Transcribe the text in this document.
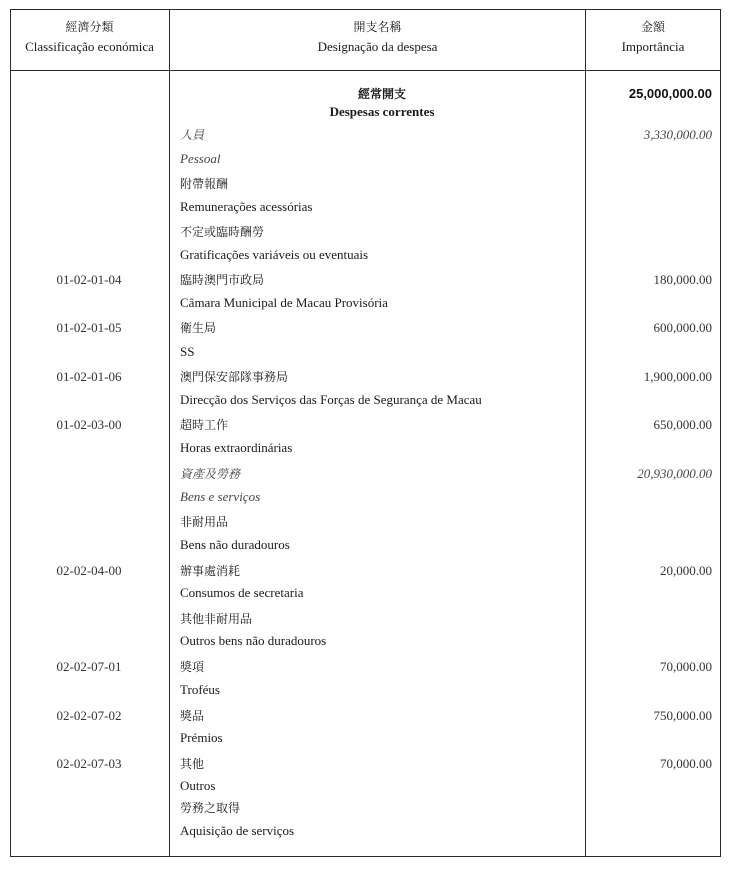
經濟分類
Classificação económica
開支名稱
Designação da despesa
金額
Importância
經常開支	25,000,000.00
Despesas correntes
人員	3,330,000.00
Pessoal
附帶報酬
Remunerações acessórias
不定或臨時酬勞
Gratificações variáveis ou eventuais
01-02-01-04	臨時澳門市政局	180,000.00
Câmara Municipal de Macau Provisória
01-02-01-05	衛生局	600,000.00
SS
01-02-01-06	澳門保安部隊事務局	1,900,000.00
Direcção dos Serviços das Forças de Segurança de Macau
01-02-03-00	超時工作	650,000.00
Horas extraordinárias
資產及勞務	20,930,000.00
Bens e serviços
非耐用品
Bens não duradouros
02-02-04-00	辦事處消耗	20,000.00
Consumos de secretaria
其他非耐用品
Outros bens não duradouros
02-02-07-01	獎項	70,000.00
Troféus
02-02-07-02	獎品	750,000.00
Prémios
02-02-07-03	其他	70,000.00
Outros
勞務之取得
Aquisição de serviços
